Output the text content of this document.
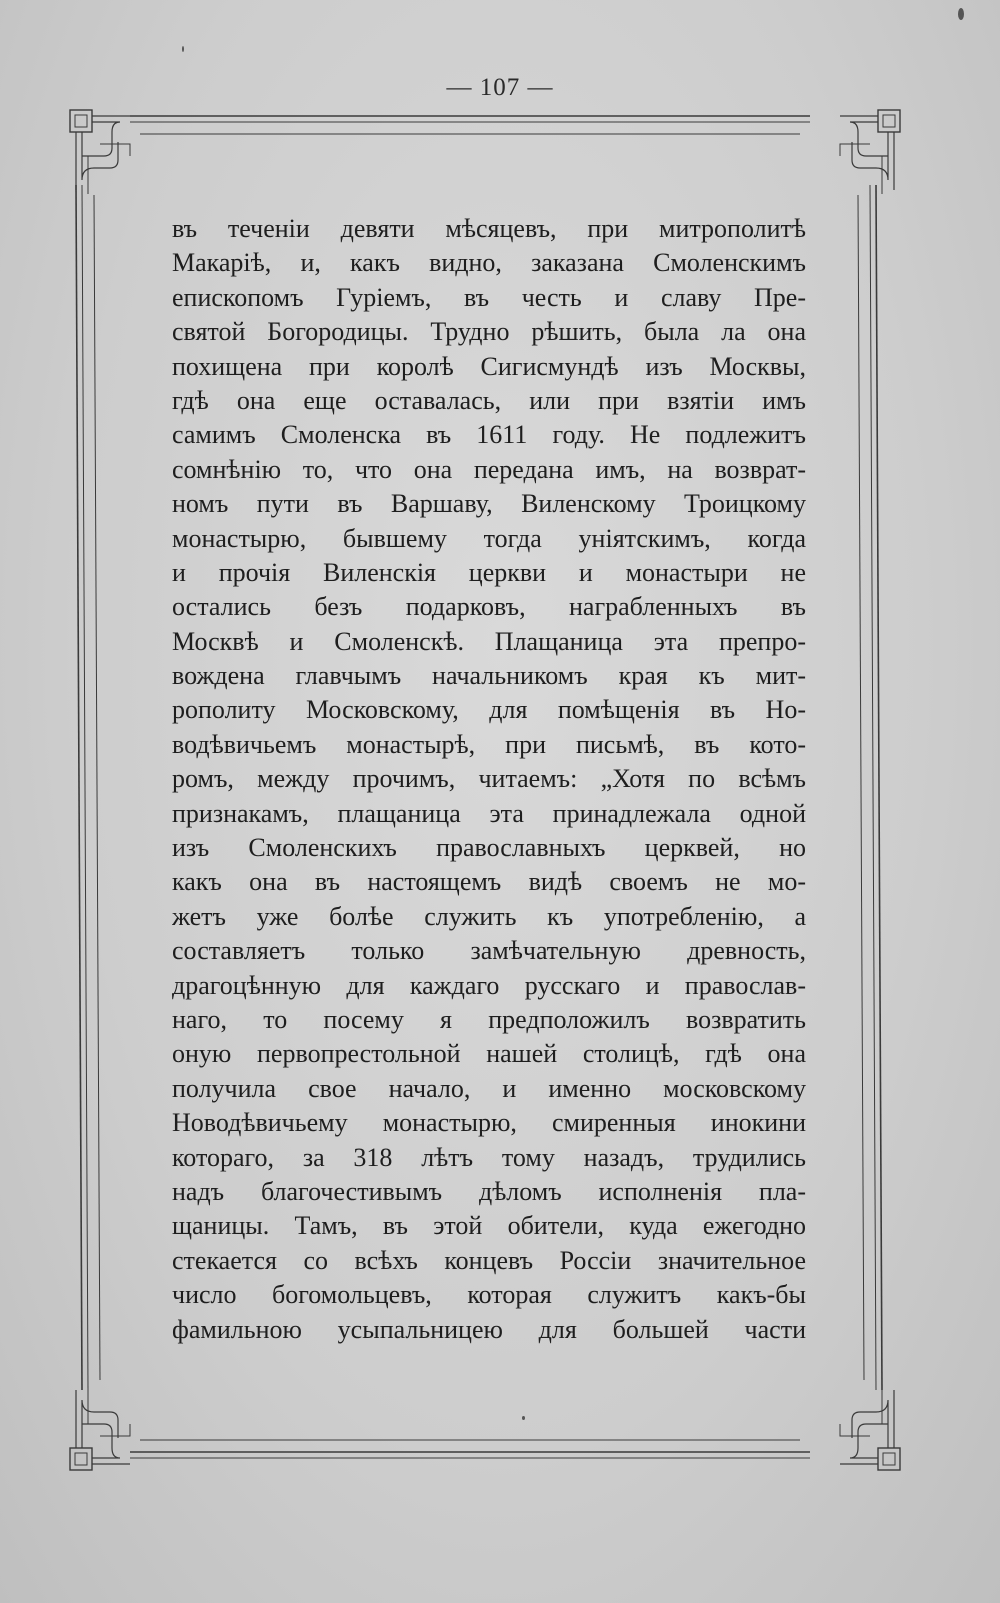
— 107 —
въ теченіи девяти мѣсяцевъ, при митрополитѣ
Макаріѣ, и, какъ видно, заказана Смоленскимъ
епископомъ Гуріемъ, въ честь и славу Пре-
святой Богородицы. Трудно рѣшить, была ла она
похищена при королѣ Сигисмундѣ изъ Москвы,
гдѣ она еще оставалась, или при взятіи имъ
самимъ Смоленска въ 1611 году. Не подлежитъ
сомнѣнію то, что она передана имъ, на возврат-
номъ пути въ Варшаву, Виленскому Троицкому
монастырю, бывшему тогда уніятскимъ, когда
и прочія Виленскія церкви и монастыри не
остались безъ подарковъ, награбленныхъ въ
Москвѣ и Смоленскѣ. Плащаница эта препро-
вождена главчымъ начальникомъ края къ мит-
рополиту Московскому, для помѣщенія въ Но-
водѣвичьемъ монастырѣ, при письмѣ, въ кото-
ромъ, между прочимъ, читаемъ: „Хотя по всѣмъ
признакамъ, плащаница эта принадлежала одной
изъ Смоленскихъ православныхъ церквей, но
какъ она въ настоящемъ видѣ своемъ не мо-
жетъ уже болѣе служить къ употребленію, а
составляетъ только замѣчательную древность,
драгоцѣнную для каждаго русскаго и православ-
наго, то посему я предположилъ возвратить
оную первопрестольной нашей столицѣ, гдѣ она
получила свое начало, и именно московскому
Новодѣвичьему монастырю, смиренныя инокини
котораго, за 318 лѣтъ тому назадъ, трудились
надъ благочестивымъ дѣломъ исполненія пла-
щаницы. Тамъ, въ этой обители, куда ежегодно
стекается со всѣхъ концевъ Россіи значительное
число богомольцевъ, которая служитъ какъ-бы
фамильною усыпальницею для большей части
